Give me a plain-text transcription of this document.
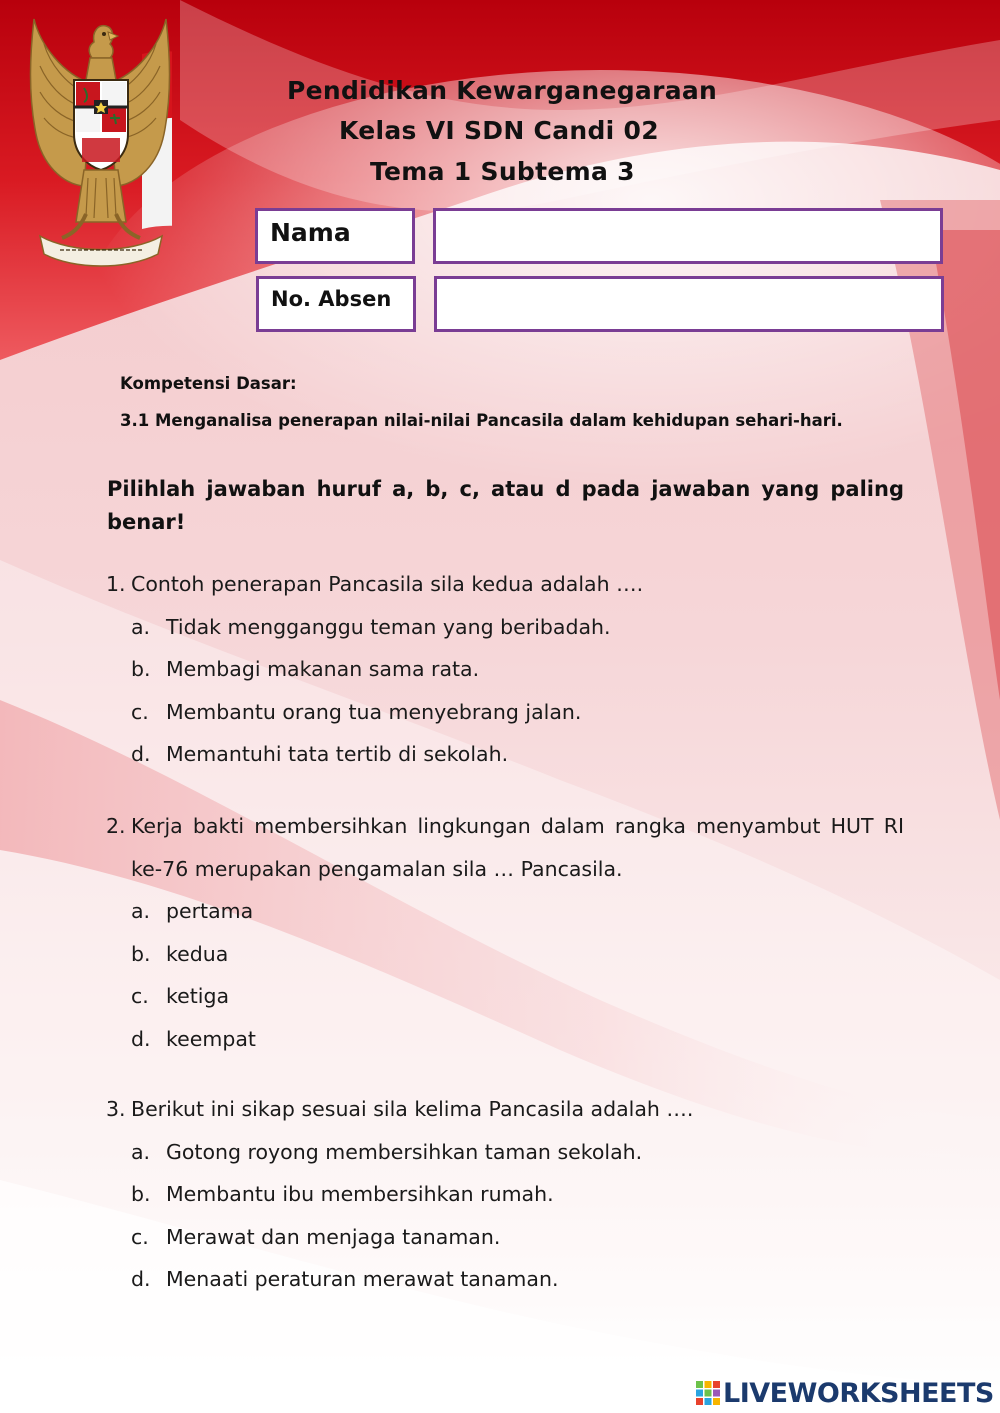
Pendidikan Kewarganegaraan
Kelas VI SDN Candi 02
Tema 1 Subtema 3
Nama
No. Absen
Kompetensi Dasar:
3.1 Menganalisa penerapan nilai-nilai Pancasila dalam kehidupan sehari-hari.
Pilihlah jawaban huruf a, b, c, atau d pada jawaban yang paling benar!
1. Contoh penerapan Pancasila sila kedua adalah ….
a. Tidak mengganggu teman yang beribadah.
b. Membagi makanan sama rata.
c. Membantu orang tua menyebrang jalan.
d. Memantuhi tata tertib di sekolah.
2. Kerja bakti membersihkan lingkungan dalam rangka menyambut HUT RI ke-76 merupakan pengamalan sila … Pancasila.
a. pertama
b. kedua
c. ketiga
d. keempat
3. Berikut ini sikap sesuai sila kelima Pancasila adalah ….
a. Gotong royong membersihkan taman sekolah.
b. Membantu ibu membersihkan rumah.
c. Merawat dan menjaga tanaman.
d. Menaati peraturan merawat tanaman.
LIVEWORKSHEETS
